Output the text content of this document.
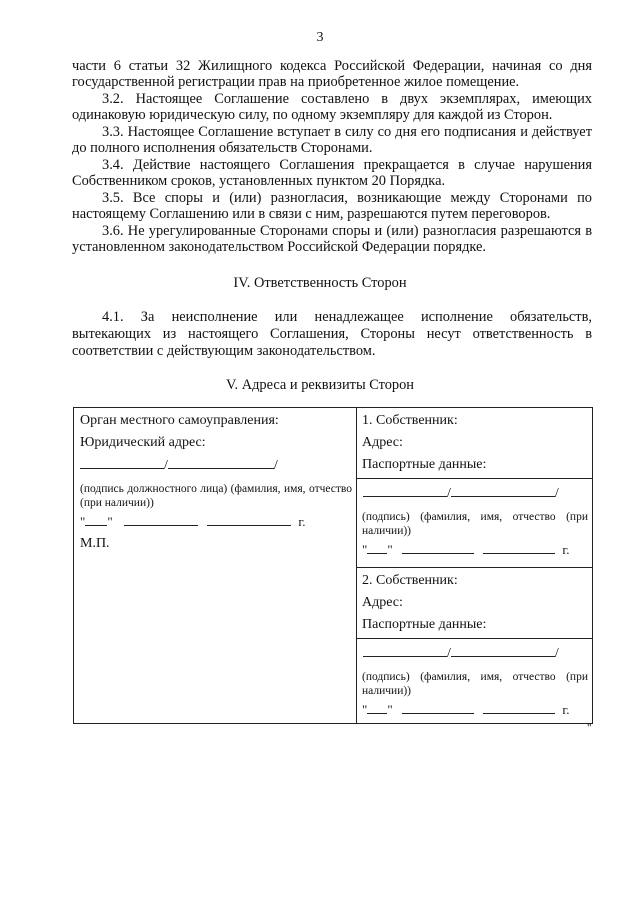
3

части 6 статьи 32 Жилищного кодекса Российской Федерации, начиная со дня государственной регистрации прав на приобретенное жилое помещение.

3.2. Настоящее Соглашение составлено в двух экземплярах, имеющих одинаковую юридическую силу, по одному экземпляру для каждой из Сторон.

3.3. Настоящее Соглашение вступает в силу со дня его подписания и действует до полного исполнения обязательств Сторонами.

3.4. Действие настоящего Соглашения прекращается в случае нарушения Собственником сроков, установленных пунктом 20 Порядка.

3.5. Все споры и (или) разногласия, возникающие между Сторонами по настоящему Соглашению или в связи с ним, разрешаются путем переговоров.

3.6. Не урегулированные Сторонами споры и (или) разногласия разрешаются в установленном законодательством Российской Федерации порядке.

IV. Ответственность Сторон
4.1. За неисполнение или ненадлежащее исполнение обязательств, вытекающих из настоящего Соглашения, Стороны несут ответственность в соответствии с действующим законодательством.
V. Адреса и реквизиты Сторон
Орган местного самоуправления:
Юридический адрес:
/	/
(подпись должностного лица) (фамилия, имя, отчество (при наличии))
" "	г.
М.П.

1. Собственник:
Адрес:
Паспортные данные:
/	/
(подпись) (фамилия, имя, отчество (при наличии))
" "	г.

2. Собственник:
Адрес:
Паспортные данные:
/	/
(подпись) (фамилия, имя, отчество (при наличии))
" "	г.
"
